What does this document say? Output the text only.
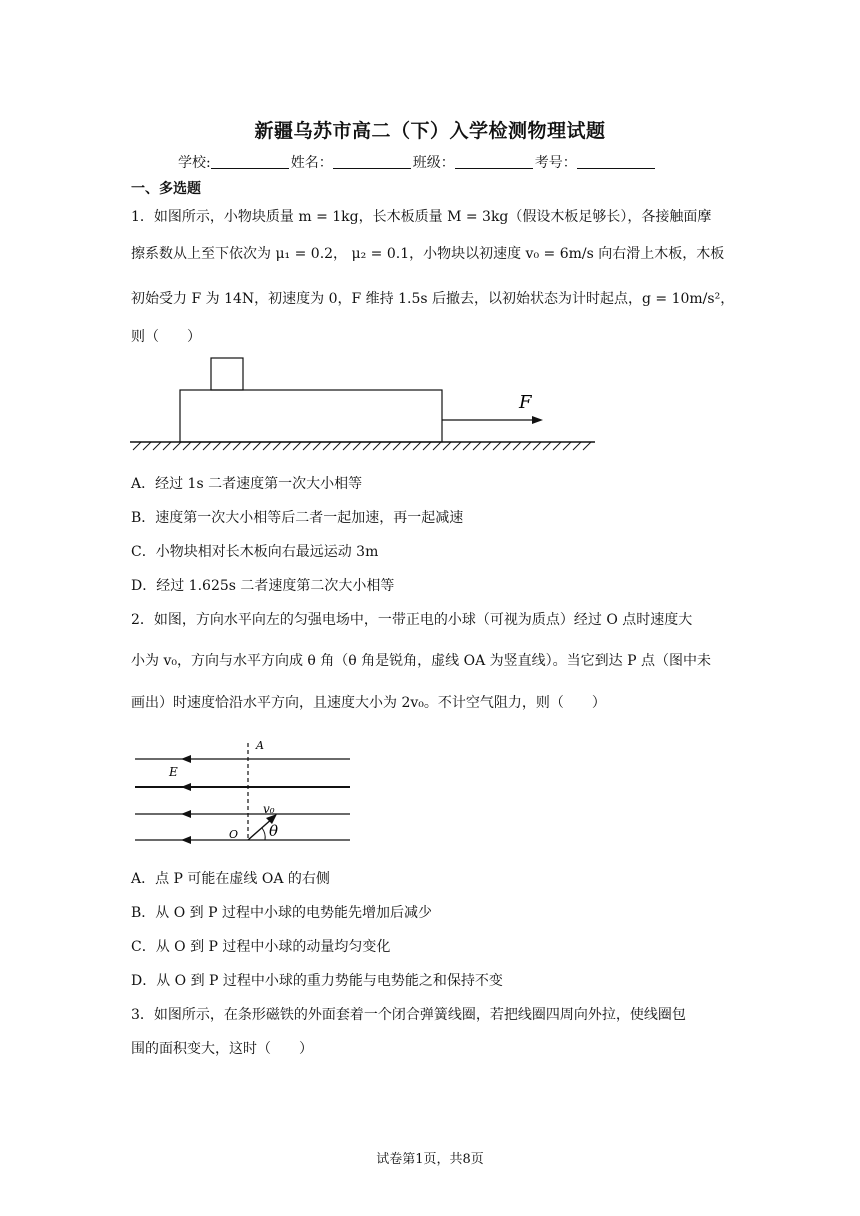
新疆乌苏市高二（下）入学检测物理试题
学校:	姓名：	班级：	考号：
一、多选题
1．如图所示，小物块质量 m = 1kg，长木板质量 M = 3kg（假设木板足够长），各接触面摩
擦系数从上至下依次为 μ₁ = 0.2， μ₂ = 0.1，小物块以初速度 v₀ = 6m/s 向右滑上木板，木板
初始受力 F 为 14N，初速度为 0，F 维持 1.5s 后撤去，以初始状态为计时起点，g = 10m/s²，
则（　　）
F
A．经过 1s 二者速度第一次大小相等
B．速度第一次大小相等后二者一起加速，再一起减速
C．小物块相对长木板向右最远运动 3m
D．经过 1.625s 二者速度第二次大小相等
2．如图，方向水平向左的匀强电场中，一带正电的小球（可视为质点）经过 O 点时速度大
小为 v₀，方向与水平方向成 θ 角（θ 角是锐角，虚线 OA 为竖直线）。当它到达 P 点（图中未
画出）时速度恰沿水平方向，且速度大小为 2v₀。不计空气阻力，则（　　）
A
E
v₀
O θ
A．点 P 可能在虚线 OA 的右侧
B．从 O 到 P 过程中小球的电势能先增加后减少
C．从 O 到 P 过程中小球的动量均匀变化
D．从 O 到 P 过程中小球的重力势能与电势能之和保持不变
3．如图所示，在条形磁铁的外面套着一个闭合弹簧线圈，若把线圈四周向外拉，使线圈包
围的面积变大，这时（　　）
试卷第1页，共8页
